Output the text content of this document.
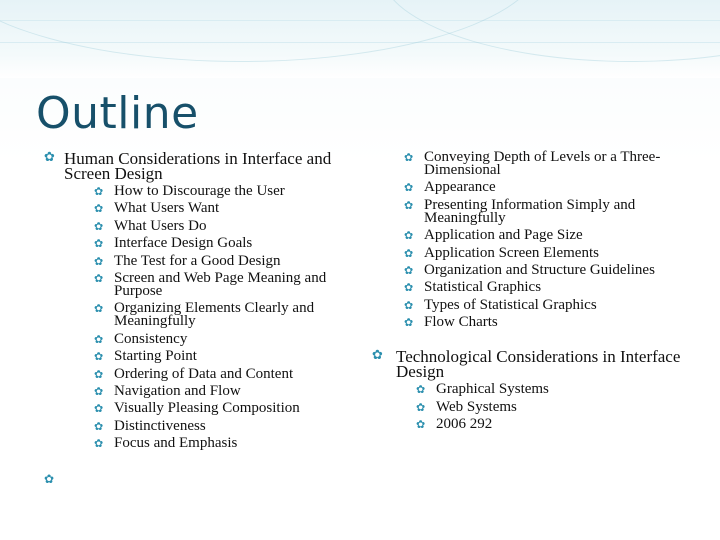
Outline
✿ Human Considerations in Interface and Screen Design
✿ How to Discourage the User
✿ What Users Want
✿ What Users Do
✿ Interface Design Goals
✿ The Test for a Good Design
✿ Screen and Web Page Meaning and Purpose
✿ Organizing Elements Clearly and Meaningfully
✿ Consistency
✿ Starting Point
✿ Ordering of Data and Content
✿ Navigation and Flow
✿ Visually Pleasing Composition
✿ Distinctiveness
✿ Focus and Emphasis
✿ Conveying Depth of Levels or a Three-Dimensional
✿ Appearance
✿ Presenting Information Simply and Meaningfully
✿ Application and Page Size
✿ Application Screen Elements
✿ Organization and Structure Guidelines
✿ Statistical Graphics
✿ Types of Statistical Graphics
✿ Flow Charts
✿ Technological Considerations in Interface Design
✿ Graphical Systems
✿ Web Systems
✿ 2006 292
✿
